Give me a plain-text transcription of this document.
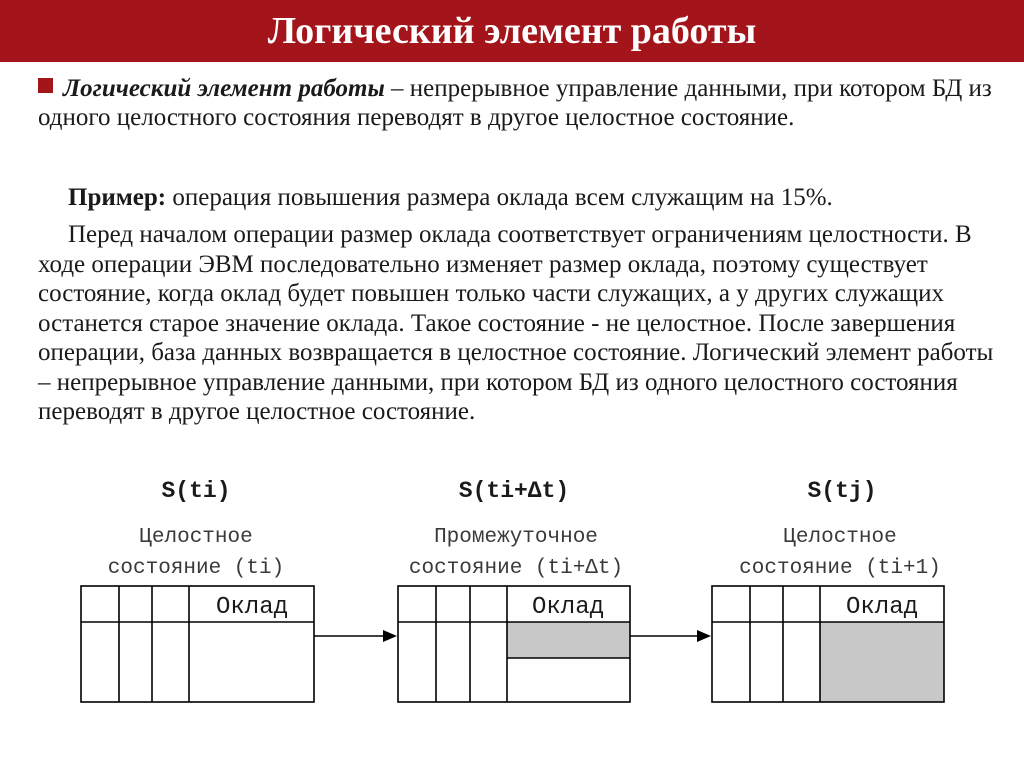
Логический элемент работы
Логический элемент работы – непрерывное управление данными, при котором БД из одного целостного состояния переводят в другое целостное состояние.
Пример: операция повышения размера оклада всем служащим на 15%.
Перед началом операции размер оклада соответствует ограничениям целостности. В ходе операции ЭВМ последовательно изменяет размер оклада, поэтому существует состояние, когда оклад будет повышен только части служащих, а у других служащих останется старое значение оклада. Такое состояние - не целостное. После завершения операции, база данных возвращается в целостное состояние. Логический элемент работы – непрерывное управление данными, при котором БД из одного целостного состояния переводят в другое целостное состояние.
S(ti)	S(ti+Δt)	S(tj)
Целостное
состояние (ti)
Промежуточное
состояние (ti+Δt)
Целостное
состояние (ti+1)
Оклад	Оклад	Оклад
